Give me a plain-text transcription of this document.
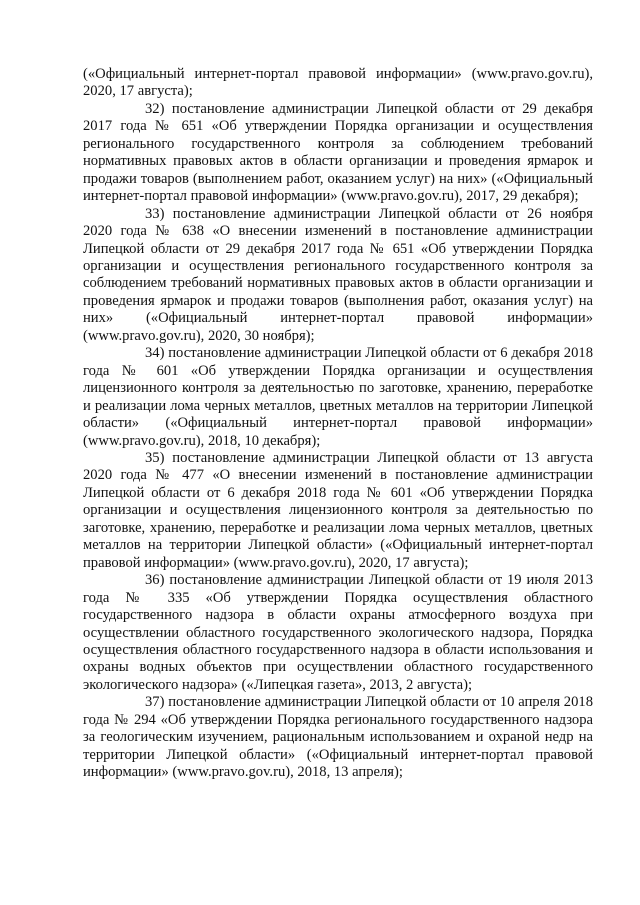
(«Официальный интернет-портал правовой информации» (www.pravo.gov.ru), 2020, 17 августа);

32) постановление администрации Липецкой области от 29 декабря 2017 года № 651 «Об утверждении Порядка организации и осуществления регионального государственного контроля за соблюдением требований нормативных правовых актов в области организации и проведения ярмарок и продажи товаров (выполнением работ, оказанием услуг) на них» («Официальный интернет-портал правовой информации» (www.pravo.gov.ru), 2017, 29 декабря);

33) постановление администрации Липецкой области от 26 ноября 2020 года № 638 «О внесении изменений в постановление администрации Липецкой области от 29 декабря 2017 года № 651 «Об утверждении Порядка организации и осуществления регионального государственного контроля за соблюдением требований нормативных правовых актов в области организации и проведения ярмарок и продажи товаров (выполнения работ, оказания услуг) на них» («Официальный интернет-портал правовой информации» (www.pravo.gov.ru), 2020, 30 ноября);

34) постановление администрации Липецкой области от 6 декабря 2018 года № 601 «Об утверждении Порядка организации и осуществления лицензионного контроля за деятельностью по заготовке, хранению, переработке и реализации лома черных металлов, цветных металлов на территории Липецкой области» («Официальный интернет-портал правовой информации» (www.pravo.gov.ru), 2018, 10 декабря);

35) постановление администрации Липецкой области от 13 августа 2020 года № 477 «О внесении изменений в постановление администрации Липецкой области от 6 декабря 2018 года № 601 «Об утверждении Порядка организации и осуществления лицензионного контроля за деятельностью по заготовке, хранению, переработке и реализации лома черных металлов, цветных металлов на территории Липецкой области» («Официальный интернет-портал правовой информации» (www.pravo.gov.ru), 2020, 17 августа);

36) постановление администрации Липецкой области от 19 июля 2013 года № 335 «Об утверждении Порядка осуществления областного государственного надзора в области охраны атмосферного воздуха при осуществлении областного государственного экологического надзора, Порядка осуществления областного государственного надзора в области использования и охраны водных объектов при осуществлении областного государственного экологического надзора» («Липецкая газета», 2013, 2 августа);

37) постановление администрации Липецкой области от 10 апреля 2018 года № 294 «Об утверждении Порядка регионального государственного надзора за геологическим изучением, рациональным использованием и охраной недр на территории Липецкой области» («Официальный интернет-портал правовой информации» (www.pravo.gov.ru), 2018, 13 апреля);
